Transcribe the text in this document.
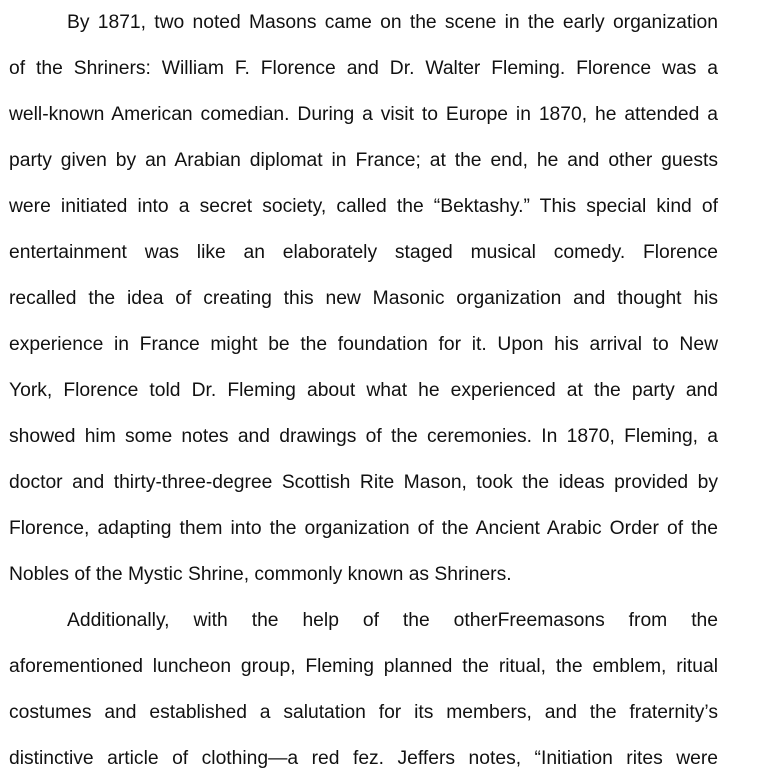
By 1871, two noted Masons came on the scene in the early organization
of the Shriners: William F. Florence and Dr. Walter Fleming. Florence was a
well-known American comedian. During a visit to Europe in 1870, he attended a
party given by an Arabian diplomat in France; at the end, he and other guests
were initiated into a secret society, called the “Bektashy.” This special kind of
entertainment was like an elaborately staged musical comedy. Florence
recalled the idea of creating this new Masonic organization and thought his
experience in France might be the foundation for it. Upon his arrival to New
York, Florence told Dr. Fleming about what he experienced at the party and
showed him some notes and drawings of the ceremonies. In 1870, Fleming, a
doctor and thirty-three-degree Scottish Rite Mason, took the ideas provided by
Florence, adapting them into the organization of the Ancient Arabic Order of the
Nobles of the Mystic Shrine, commonly known as Shriners.
Additionally, with the help of the otherFreemasons from the
aforementioned luncheon group, Fleming planned the ritual, the emblem, ritual
costumes and established a salutation for its members, and the fraternity’s
distinctive article of clothing—a red fez. Jeffers notes, “Initiation rites were
